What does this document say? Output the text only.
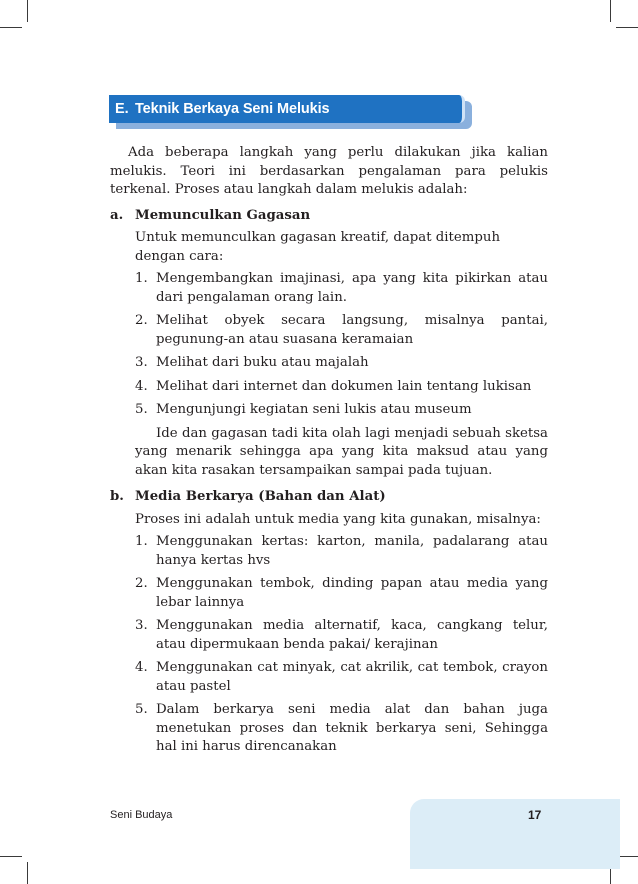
E. Teknik Berkaya Seni Melukis

Ada beberapa langkah yang perlu dilakukan jika kalian melukis. Teori ini berdasarkan pengalaman para pelukis terkenal. Proses atau langkah dalam melukis adalah:

a. Memunculkan Gagasan

Untuk memunculkan gagasan kreatif, dapat ditempuh dengan cara:

1. Mengembangkan imajinasi, apa yang kita pikirkan atau dari pengalaman orang lain.
2. Melihat obyek secara langsung, misalnya pantai, pegunung-an atau suasana keramaian
3. Melihat dari buku atau majalah
4. Melihat dari internet dan dokumen lain tentang lukisan
5. Mengunjungi kegiatan seni lukis atau museum

Ide dan gagasan tadi kita olah lagi menjadi sebuah sketsa yang menarik sehingga apa yang kita maksud atau yang akan kita rasakan tersampaikan sampai pada tujuan.

b. Media Berkarya (Bahan dan Alat)

Proses ini adalah untuk media yang kita gunakan, misalnya:

1. Menggunakan kertas: karton, manila, padalarang atau hanya kertas hvs
2. Menggunakan tembok, dinding papan atau media yang lebar lainnya
3. Menggunakan media alternatif, kaca, cangkang telur, atau dipermukaan benda pakai/ kerajinan
4. Menggunakan cat minyak, cat akrilik, cat tembok, crayon atau pastel
5. Dalam berkarya seni media alat dan bahan juga menetukan proses dan teknik berkarya seni, Sehingga hal ini harus direncanakan
Seni Budaya	17
